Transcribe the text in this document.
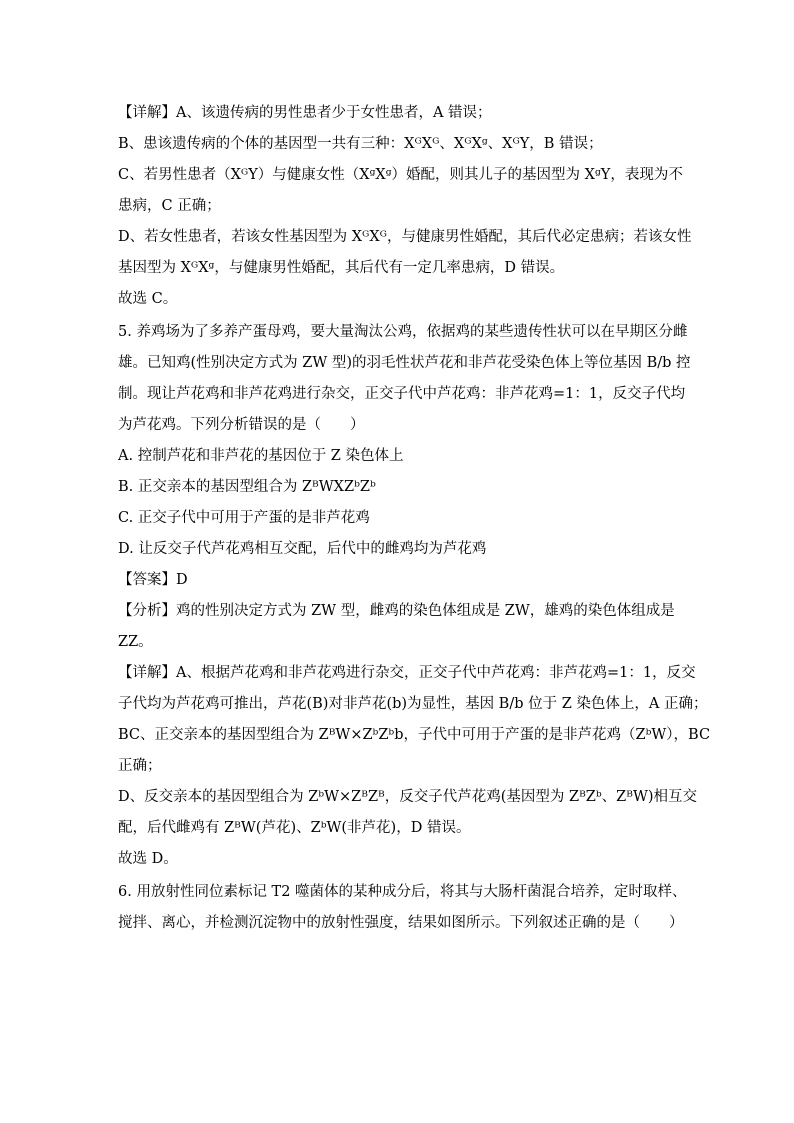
【详解】A、该遗传病的男性患者少于女性患者，A 错误；
B、患该遗传病的个体的基因型一共有三种：XᴳXᴳ、XᴳXᵍ、XᴳY，B 错误；
C、若男性患者（XᴳY）与健康女性（XᵍXᵍ）婚配，则其儿子的基因型为 XᵍY，表现为不
患病，C 正确；
D、若女性患者，若该女性基因型为 XᴳXᴳ，与健康男性婚配，其后代必定患病；若该女性
基因型为 XᴳXᵍ，与健康男性婚配，其后代有一定几率患病，D 错误。
故选 C。
5. 养鸡场为了多养产蛋母鸡，要大量淘汰公鸡，依据鸡的某些遗传性状可以在早期区分雌
雄。已知鸡(性别决定方式为 ZW 型)的羽毛性状芦花和非芦花受染色体上等位基因 B/b 控
制。现让芦花鸡和非芦花鸡进行杂交，正交子代中芦花鸡：非芦花鸡=1：1，反交子代均
为芦花鸡。下列分析错误的是（　　）
A. 控制芦花和非芦花的基因位于 Z 染色体上
B. 正交亲本的基因型组合为 ZᴮWXZᵇZᵇ
C. 正交子代中可用于产蛋的是非芦花鸡
D. 让反交子代芦花鸡相互交配，后代中的雌鸡均为芦花鸡
【答案】D
【分析】鸡的性别决定方式为 ZW 型，雌鸡的染色体组成是 ZW，雄鸡的染色体组成是
ZZ。
【详解】A、根据芦花鸡和非芦花鸡进行杂交，正交子代中芦花鸡：非芦花鸡=1：1，反交
子代均为芦花鸡可推出，芦花(B)对非芦花(b)为显性，基因 B/b 位于 Z 染色体上，A 正确；
BC、正交亲本的基因型组合为 ZᴮW×ZᵇZᵇb，子代中可用于产蛋的是非芦花鸡（ZᵇW），BC
正确；
D、反交亲本的基因型组合为 ZᵇW×ZᴮZᴮ，反交子代芦花鸡(基因型为 ZᴮZᵇ、ZᴮW)相互交
配，后代雌鸡有 ZᴮW(芦花)、ZᵇW(非芦花)，D 错误。
故选 D。
6. 用放射性同位素标记 T2 噬菌体的某种成分后，将其与大肠杆菌混合培养，定时取样、
搅拌、离心，并检测沉淀物中的放射性强度，结果如图所示。下列叙述正确的是（　　）
